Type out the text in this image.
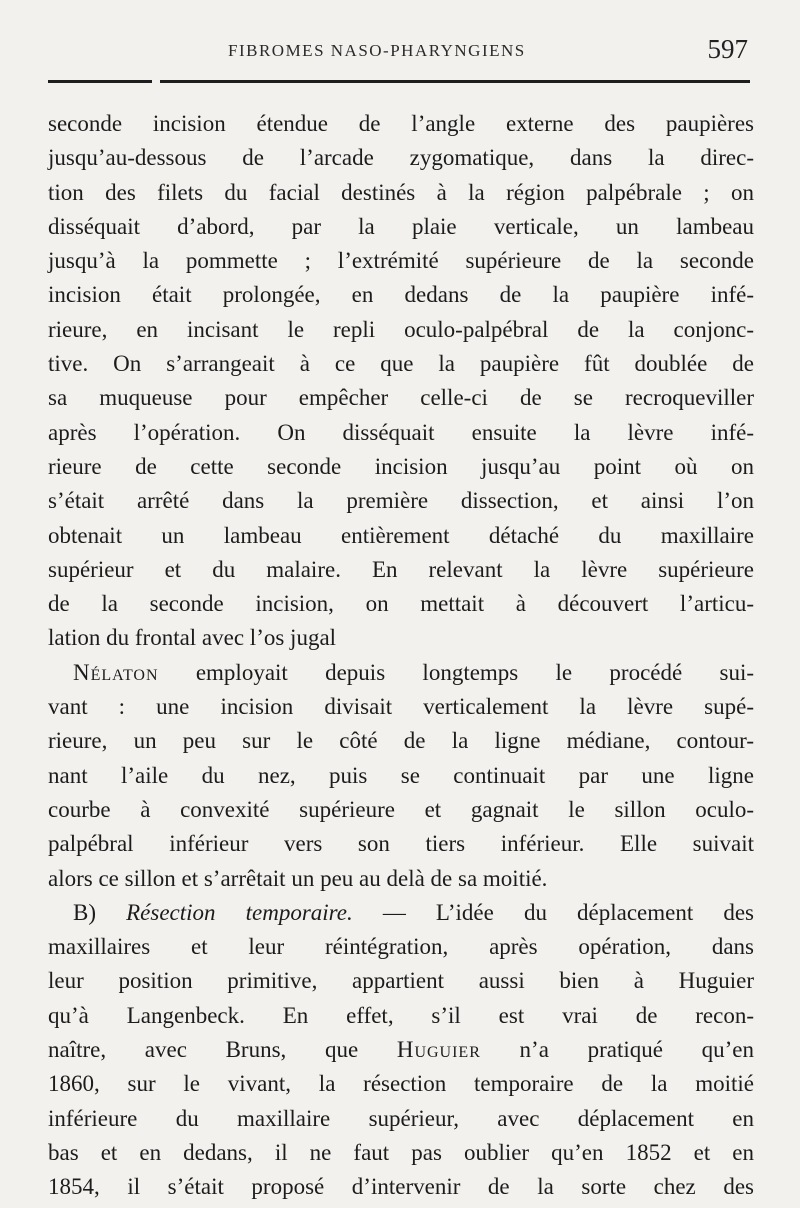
FIBROMES NASO-PHARYNGIENS	597
seconde incision étendue de l’angle externe des paupières
jusqu’au-dessous de l’arcade zygomatique, dans la direc-
tion des filets du facial destinés à la région palpébrale ; on
disséquait d’abord, par la plaie verticale, un lambeau
jusqu’à la pommette ; l’extrémité supérieure de la seconde
incision était prolongée, en dedans de la paupière infé-
rieure, en incisant le repli oculo-palpébral de la conjonc-
tive. On s’arrangeait à ce que la paupière fût doublée de
sa muqueuse pour empêcher celle-ci de se recroqueviller
après l’opération. On disséquait ensuite la lèvre infé-
rieure de cette seconde incision jusqu’au point où on
s’était arrêté dans la première dissection, et ainsi l’on
obtenait un lambeau entièrement détaché du maxillaire
supérieur et du malaire. En relevant la lèvre supérieure
de la seconde incision, on mettait à découvert l’articu-
lation du frontal avec l’os jugal
Nélaton employait depuis longtemps le procédé sui-
vant : une incision divisait verticalement la lèvre supé-
rieure, un peu sur le côté de la ligne médiane, contour-
nant l’aile du nez, puis se continuait par une ligne
courbe à convexité supérieure et gagnait le sillon oculo-
palpébral inférieur vers son tiers inférieur. Elle suivait
alors ce sillon et s’arrêtait un peu au delà de sa moitié.
B) Résection temporaire. — L’idée du déplacement des
maxillaires et leur réintégration, après opération, dans
leur position primitive, appartient aussi bien à Huguier
qu’à Langenbeck. En effet, s’il est vrai de recon-
naître, avec Bruns, que Huguier n’a pratiqué qu’en
1860, sur le vivant, la résection temporaire de la moitié
inférieure du maxillaire supérieur, avec déplacement en
bas et en dedans, il ne faut pas oublier qu’en 1852 et en
1854, il s’était proposé d’intervenir de la sorte chez des
